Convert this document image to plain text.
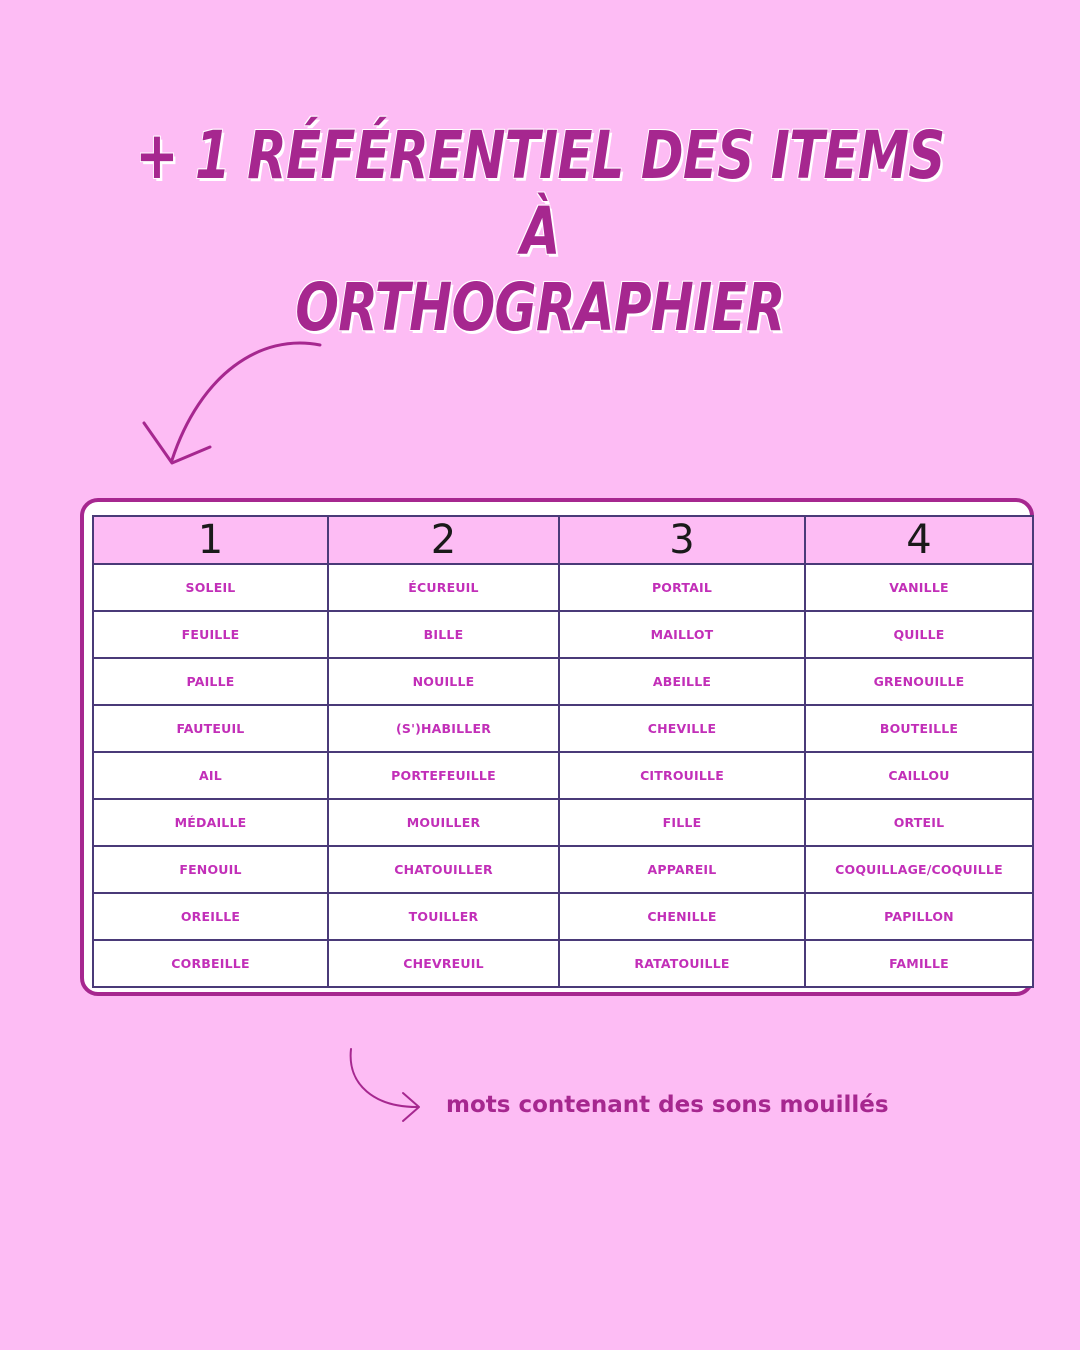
+ 1 RÉFÉRENTIEL DES ITEMS À
ORTHOGRAPHIER
1	2	3	4
SOLEIL	ÉCUREUIL	PORTAIL	VANILLE
FEUILLE	BILLE	MAILLOT	QUILLE
PAILLE	NOUILLE	ABEILLE	GRENOUILLE
FAUTEUIL	(S')HABILLER	CHEVILLE	BOUTEILLE
AIL	PORTEFEUILLE	CITROUILLE	CAILLOU
MÉDAILLE	MOUILLER	FILLE	ORTEIL
FENOUIL	CHATOUILLER	APPAREIL	COQUILLAGE/COQUILLE
OREILLE	TOUILLER	CHENILLE	PAPILLON
CORBEILLE	CHEVREUIL	RATATOUILLE	FAMILLE
mots contenant des sons mouillés
